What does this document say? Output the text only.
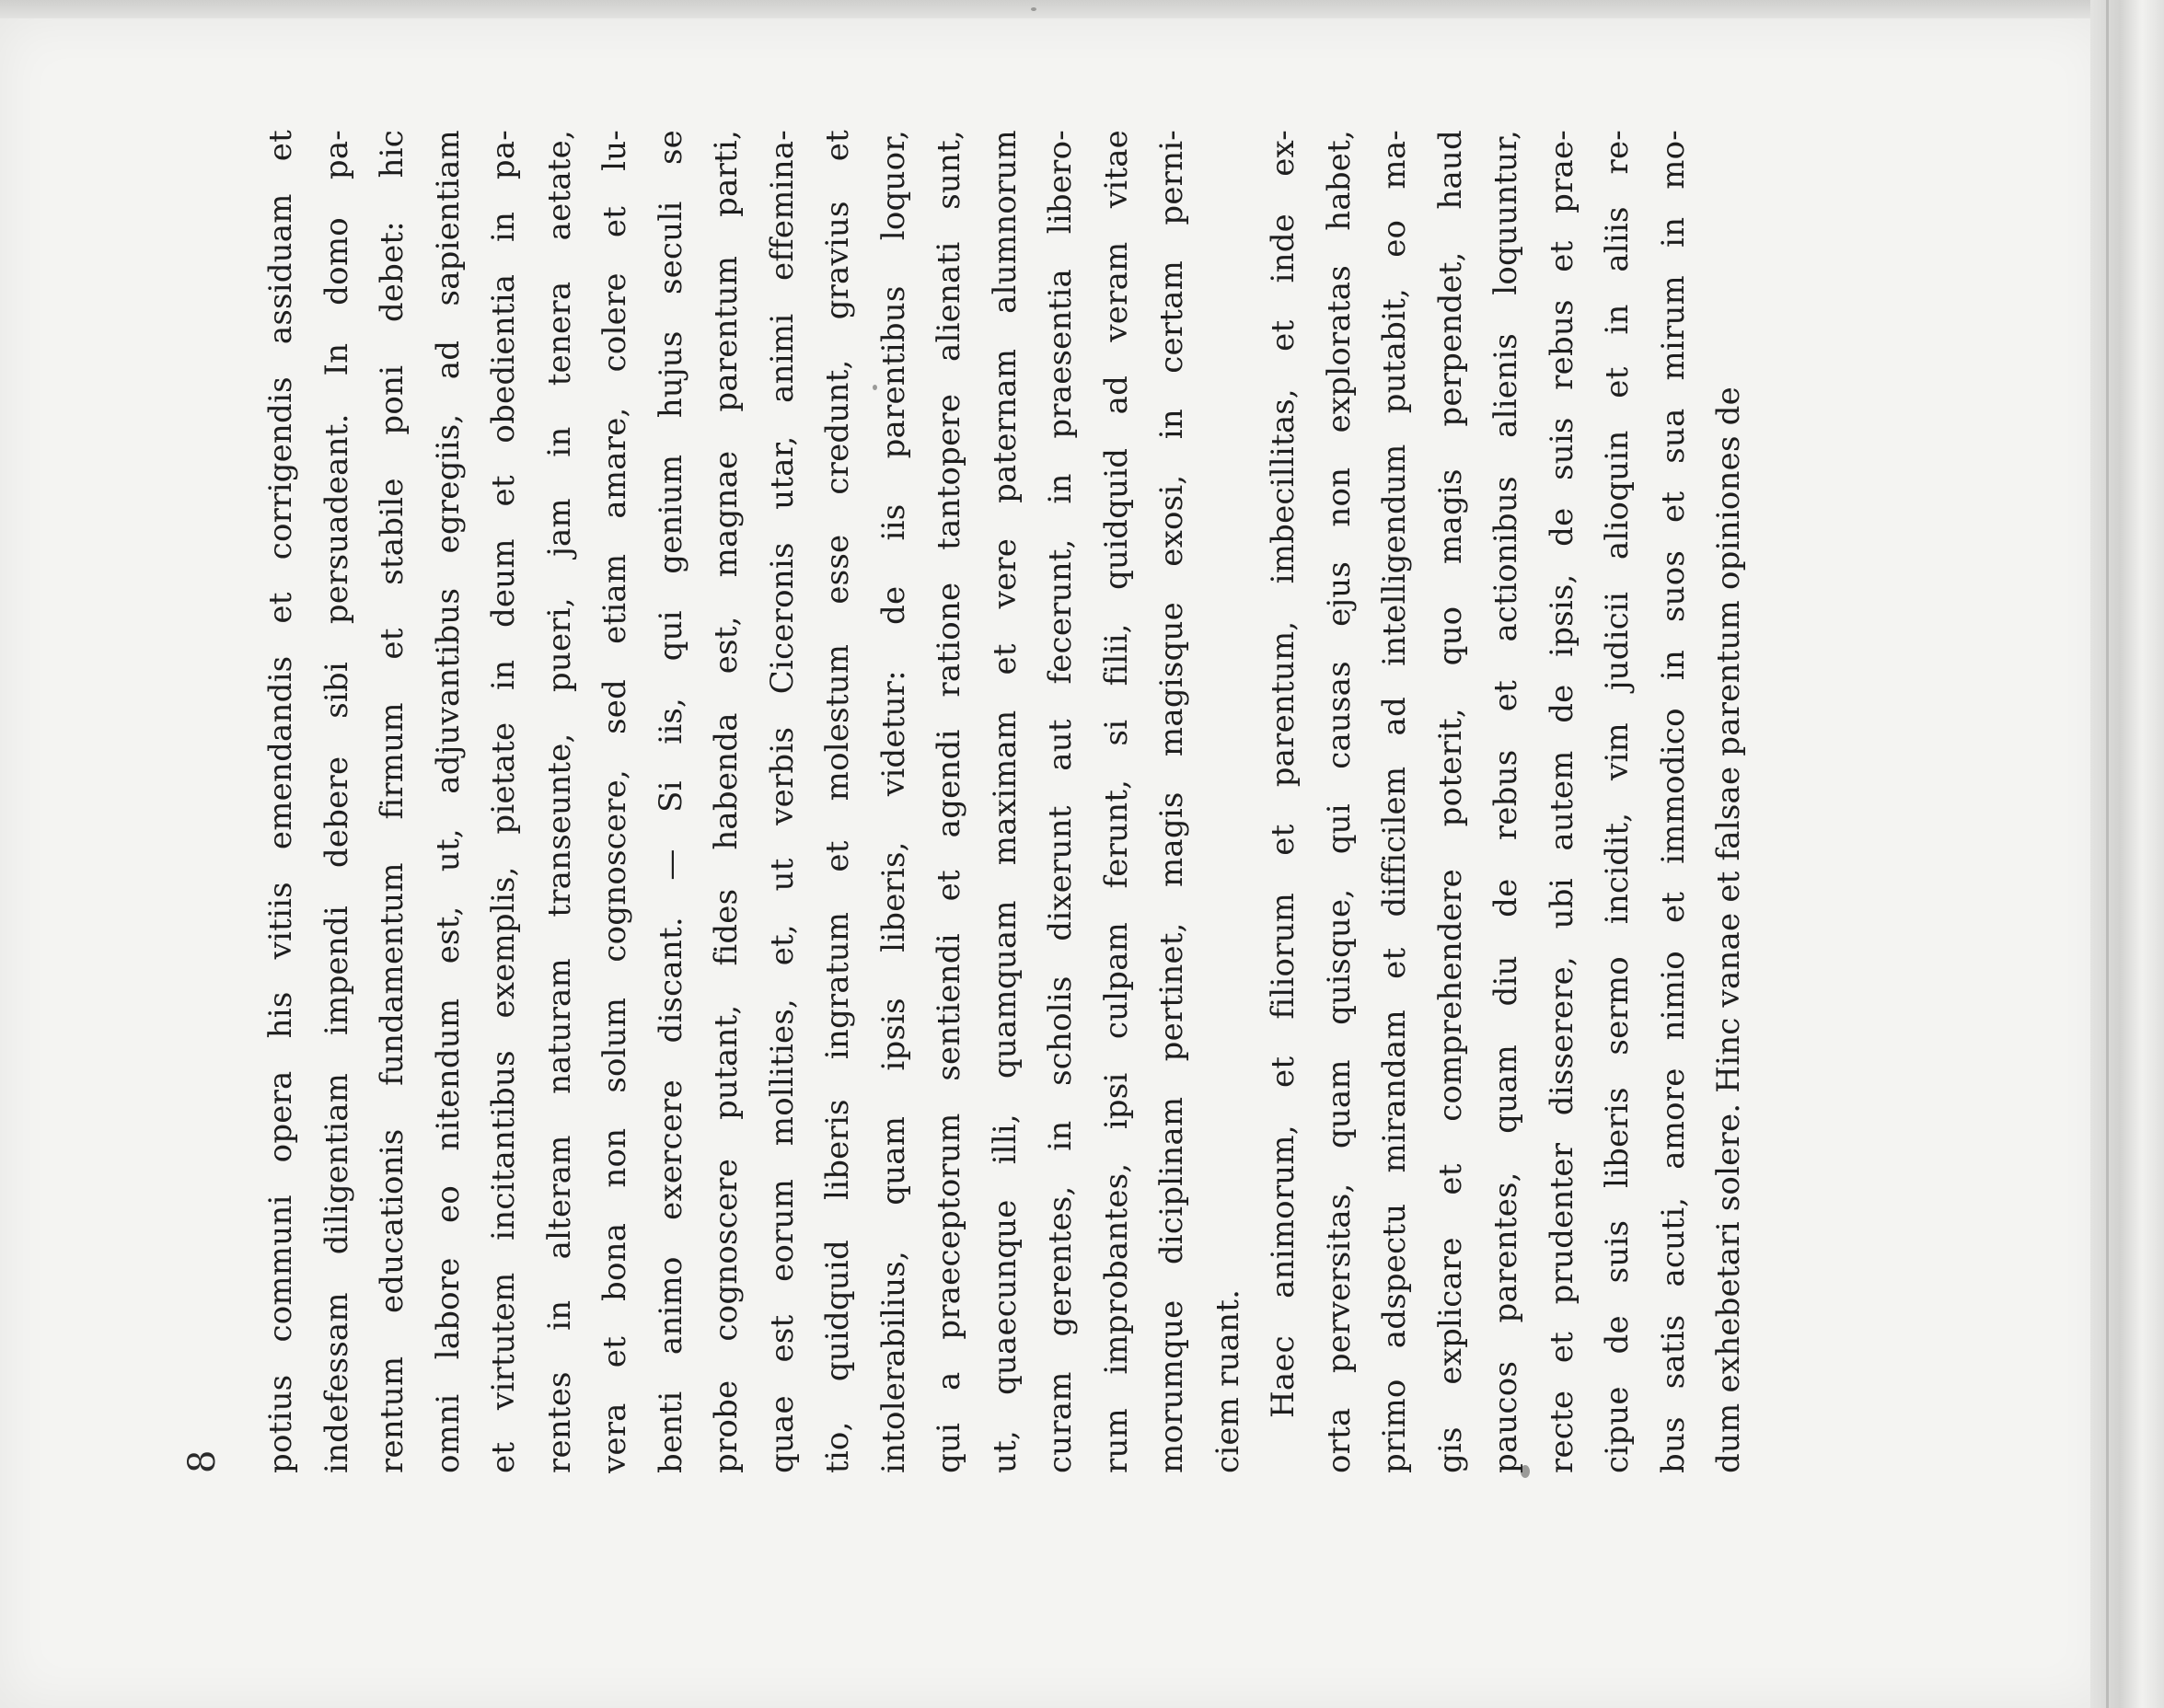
8 potius communi opera his vitiis emendandis et corrigendis assiduam et indefessam diligentiam impendi debere sibi persuadeant. In domo pa- rentum educationis fundamentum firmum et stabile poni debet: hic omni labore eo nitendum est, ut, adjuvantibus egregiis, ad sapientiam et virtutem incitantibus exemplis, pietate in deum et obedientia in pa- rentes in alteram naturam transeunte, pueri, jam in tenera aetate, vera et bona non solum cognoscere, sed etiam amare, colere et lu- benti animo exercere discant. — Si iis, qui genium hujus seculi se probe cognoscere putant, fides habenda est, magnae parentum parti, quae est eorum mollities, et, ut verbis Ciceronis utar, animi effemina- tio, quidquid liberis ingratum et molestum esse credunt, gravius et intolerabilius, quam ipsis liberis, videtur: de iis parentibus loquor, qui a praeceptorum sentiendi et agendi ratione tantopere alienati sunt, ut, quaecunque illi, quamquam maximam et vere paternam alumnorum curam gerentes, in scholis dixerunt aut fecerunt, in praesentia libero- rum improbantes, ipsi culpam ferunt, si filii, quidquid ad veram vitae morumque diciplinam pertinet, magis magisque exosi, in certam perni- ciem ruant. Haec animorum, et filiorum et parentum, imbecillitas, et inde ex- orta perversitas, quam quisque, qui causas ejus non exploratas habet, primo adspectu mirandam et difficilem ad intelligendum putabit, eo ma- gis explicare et comprehendere poterit, quo magis perpendet, haud paucos parentes, quam diu de rebus et actionibus alienis loquuntur, recte et prudenter disserere, ubi autem de ipsis, de suis rebus et prae- cipue de suis liberis sermo incidit, vim judicii alioquin et in aliis re- bus satis acuti, amore nimio et immodico in suos et sua mirum in mo- dum exhebetari solere. Hinc vanae et falsae parentum opiniones de
